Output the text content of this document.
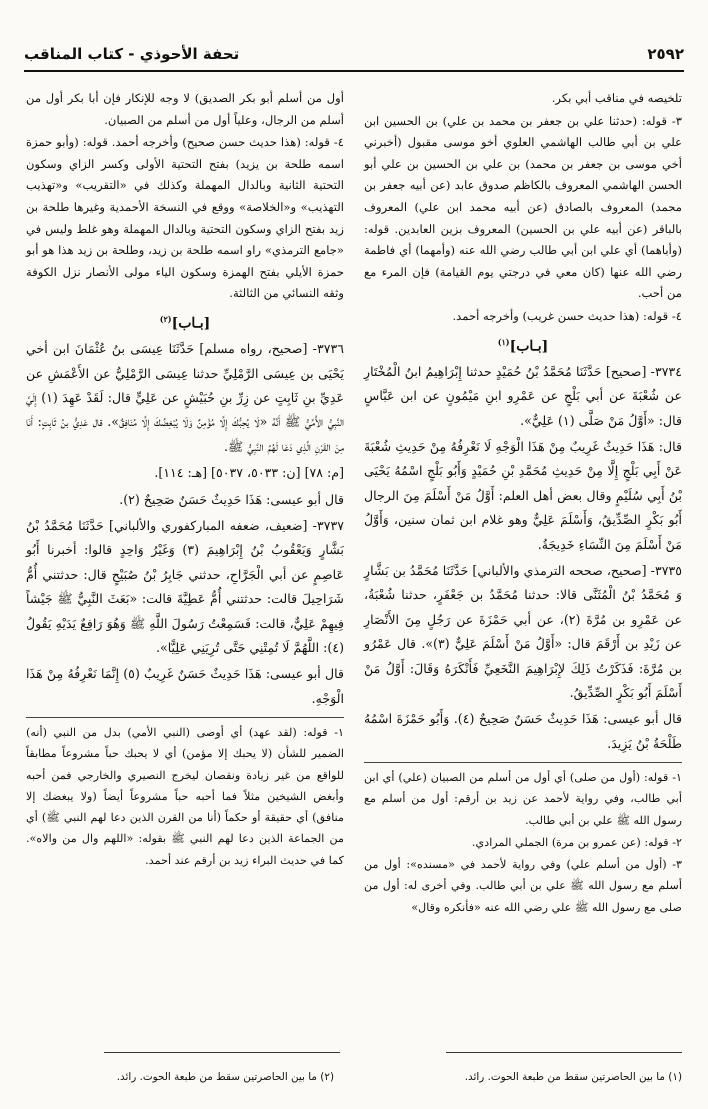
٢٥٩٢
تحفة الأحوذي - كتاب المناقب

تلخيصه في مناقب أبي بكر.

٣- قوله: (حدثنا علي بن جعفر بن محمد بن علي) بن الحسين ابن علي بن أبي طالب الهاشمي العلوي أخو موسى مقبول (أخبرني أخي موسى بن جعفر بن محمد) بن علي بن الحسين بن علي أبو الحسن الهاشمي المعروف بالكاظم صدوق عابد (عن أبيه جعفر بن محمد) المعروف بالصادق (عن أبيه محمد ابن علي) المعروف بالباقر (عن أبيه علي بن الحسين) المعروف بزين العابدين. قوله: (وأباهما) أي علي ابن أبي طالب رضي الله عنه (وأمهما) أي فاطمة رضي الله عنها (كان معي في درجتي يوم القيامة) فإن المرء مع من أحب.

٤- قوله: (هذا حديث حسن غريب) وأخرجه أحمد.

[بـاب]$^{(١)}$

٣٧٣٤- [صحيح] حَدَّثَنَا مُحَمَّدُ بْنُ حُمَيْدٍ حدثنا إِبْرَاهِيمُ ابنُ الْمُخْتَارِ عن شُعْبَةَ عن أبي بَلْجٍ عن عَمْرِو ابنِ مَيْمُونٍ عن ابن عَبَّاسٍ قال: «أَوَّلُ مَنْ صَلَّى (١) عَلِيٌّ».

قال: هَذَا حَدِيثٌ غَرِيبٌ مِنْ هَذَا الْوَجْهِ لَا نَعْرِفُهُ مِنْ حَدِيثِ شُعْبَةَ عَنْ أَبِي بَلْجٍ إِلَّا مِنْ حَدِيثِ مُحَمَّدِ بْنِ حُمَيْدٍ وَأَبُو بَلْجٍ اسْمُهُ يَحْيَى بْنُ أَبِي سُلَيْمٍ وقال بعض أهل العلم: أَوَّلُ مَنْ أَسْلَمَ مِنَ الرجال أَبُو بَكْرٍ الصِّدِّيقُ، وَأَسْلَمَ عَلِيٌّ وهو غلام ابن ثمان سنين، وَأَوَّلُ مَنْ أَسْلَمَ مِنَ النِّسَاءِ خَدِيجَةُ.

٣٧٣٥- [صحيح، صححه الترمذي والألباني] حَدَّثَنَا مُحَمَّدُ بن بَشَّارٍ وَ مُحَمَّدُ بْنُ الْمُثَنَّى قالا: حدثنا مُحَمَّدُ بن جَعْفَرٍ، حدثنا شُعْبَةُ، عن عَمْرِو بن مُرَّةَ (٢)، عن أبي حَمْزَةَ عن رَجُلٍ مِنَ الأَنْصَارِ عن زَيْدِ بن أَرْقَمَ قال: «أَوَّلُ مَنْ أَسْلَمَ عَلِيٌّ (٣)». قال عَمْرُو بن مُرَّةَ: فَذَكَرْتُ ذَلِكَ لإِبْرَاهِيمَ النَّخَعِيِّ فَأَنْكَرَهُ وَقَالَ: أَوَّلُ مَنْ أَسْلَمَ أَبُو بَكْرٍ الصِّدِّيقُ.

قال أبو عيسى: هَذَا حَدِيثٌ حَسَنٌ صَحِيحٌ (٤). وَأَبُو حَمْزَةَ اسْمُهُ طَلْحَةُ بْنُ يَزِيدَ.

١- قوله: (أول من صلى) أي أول من أسلم من الصبيان (علي) أي ابن أبي طالب، وفي رواية لأحمد عن زيد بن أرقم: أول من أسلم مع رسول الله ﷺ علي بن أبي طالب.

٢- قوله: (عن عمرو بن مرة) الجملي المرادي.

٣- (أول من أسلم علي) وفي رواية لأحمد في «مسنده»: أول من أسلم مع رسول الله ﷺ علي بن أبي طالب. وفي أخرى له: أول من صلى مع رسول الله ﷺ علي رضي الله عنه «فأنكره وقال»

أول من أسلم أبو بكر الصديق) لا وجه للإنكار فإن أبا بكر أول من أسلم من الرجال، وعلياً أول من أسلم من الصبيان.

٤- قوله: (هذا حديث حسن صحيح) وأخرجه أحمد. قوله: (وأبو حمزة اسمه طلحة بن يزيد) بفتح التحتية الأولى وكسر الزاي وسكون التحتية الثانية وبالدال المهملة وكذلك في «التقريب» و«تهذيب التهذيب» و«الخلاصة» ووقع في النسخة الأحمدية وغيرها طلحة بن زيد بفتح الزاي وسكون التحتية وبالدال المهملة وهو غلط وليس في «جامع الترمذي» راو اسمه طلحة بن زيد، وطلحة بن زيد هذا هو أبو حمزة الأيلي بفتح الهمزة وسكون الياء مولى الأنصار نزل الكوفة وثقه النسائي من الثالثة.

[بـاب]$^{(٢)}$

٣٧٣٦- [صحيح، رواه مسلم] حَدَّثَنَا عِيسَى بنُ عُثْمَانَ ابن أخي يَحْيَى بن عِيسَى الرَّمْلِيِّ حدثنا عِيسَى الرَّمْلِيُّ عن الأَعْمَشِ عن عَدِيِّ بنِ ثَابِتٍ عن زِرِّ بنِ حُبَيْشٍ عن عَلِيٍّ قال: لَقَدْ عَهِدَ (١) إِلَيَّ النَّبِيُّ الأُمِّيُّ ﷺ أَنَّهُ «لَا يُحِبُّكَ إِلَّا مُؤْمِنٌ وَلَا يُبْغِضُكَ إِلَّا مُنَافِقٌ». قال عَدِيُّ بنُ ثَابِتٍ: أَنَا مِنَ القَرْنِ الَّذِي دَعَا لَهُمُ النَّبِيُّ ﷺ.

[م: ٧٨] [ن: ٥٠٣٣، ٥٠٣٧] [هـ: ١١٤].

قال أبو عيسى: هَذَا حَدِيثٌ حَسَنٌ صَحِيحٌ (٢).

٣٧٣٧- [ضعيف، ضعفه المباركفوري والألباني] حَدَّثَنَا مُحَمَّدُ بْنُ بَشَّارٍ وَيَعْقُوبُ بْنُ إِبْرَاهِيمَ (٣) وَغَيْرُ وَاحِدٍ قالوا: أخبرنا أَبُو عَاصِمٍ عن أبي الْجَرَّاحِ، حدثني جَابِرُ بْنُ صُبَيْحٍ قال: حدثتني أُمُّ شَرَاحِيلَ قالت: حدثتني أُمُّ عَطِيَّةَ قالت: «بَعَثَ النَّبِيُّ ﷺ جَيْشاً فِيهِمْ عَلِيٌّ، قالت: فَسَمِعْتُ رَسُولَ اللَّهِ ﷺ وَهُوَ رَافِعٌ يَدَيْهِ يَقُولُ (٤): اللَّهُمَّ لَا تُمِتْنِي حَتَّى تُرِيَنِي عَلِيًّا».

قال أبو عيسى: هَذَا حَدِيثٌ حَسَنٌ غَرِيبٌ (٥) إِنَّمَا نَعْرِفُهُ مِنْ هَذَا الْوَجْهِ.

١- قوله: (لقد عهد) أي أوصى (النبي الأمي) بدل من النبي (أنه) الضمير للشأن (لا يحبك إلا مؤمن) أي لا يحبك حباً مشروعاً مطابقاً للواقع من غير زيادة ونقصان ليخرج النصيري والخارجي فمن أحبه وأبغض الشيخين مثلاً فما أحبه حباً مشروعاً أيضاً (ولا يبغضك إلا منافق) أي حقيقة أو حكماً (أنا من القرن الذين دعا لهم النبي ﷺ) أي من الجماعة الذين دعا لهم النبي ﷺ بقوله: «اللهم وال من والاه». كما في حديث البراء زيد بن أرقم عند أحمد.

(١) ما بين الحاصرتين سقط من طبعة الحوت. رائد.
(٢) ما بين الحاصرتين سقط من طبعة الحوت. رائد.
